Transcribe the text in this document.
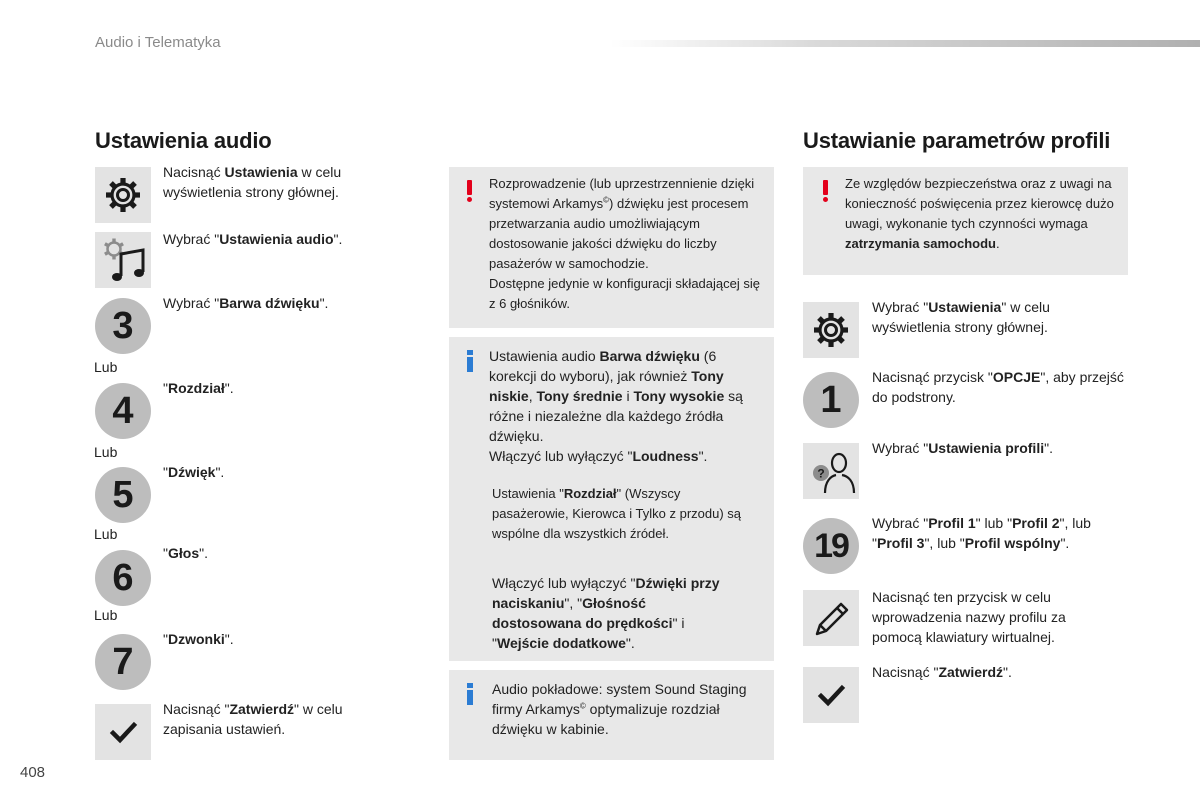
Audio i Telematyka
408
Ustawienia audio
Nacisnąć Ustawienia w celu wyświetlenia strony głównej.
Wybrać "Ustawienia audio".
3
Wybrać "Barwa dźwięku".
Lub
4
"Rozdział".
Lub
5
"Dźwięk".
Lub
6
"Głos".
Lub
7
"Dzwonki".
Nacisnąć "Zatwierdź" w celu zapisania ustawień.
Rozprowadzenie (lub uprzestrzennienie dzięki systemowi Arkamys©) dźwięku jest procesem przetwarzania audio umożliwiającym dostosowanie jakości dźwięku do liczby pasażerów w samochodzie.
Dostępne jedynie w konfiguracji składającej się z 6 głośników.
Ustawienia audio Barwa dźwięku (6 korekcji do wyboru), jak również Tony niskie, Tony średnie i Tony wysokie są różne i niezależne dla każdego źródła dźwięku.
Włączyć lub wyłączyć "Loudness".
Ustawienia "Rozdział" (Wszyscy pasażerowie, Kierowca i Tylko z przodu) są wspólne dla wszystkich źródeł.
Włączyć lub wyłączyć "Dźwięki przy naciskaniu", "Głośność dostosowana do prędkości" i "Wejście dodatkowe".
Audio pokładowe: system Sound Staging firmy Arkamys© optymalizuje rozdział dźwięku w kabinie.
Ustawianie parametrów profili
Ze względów bezpieczeństwa oraz z uwagi na konieczność poświęcenia przez kierowcę dużo uwagi, wykonanie tych czynności wymaga zatrzymania samochodu.
Wybrać "Ustawienia" w celu wyświetlenia strony głównej.
1
Nacisnąć przycisk "OPCJE", aby przejść do podstrony.
?
Wybrać "Ustawienia profili".
19
Wybrać "Profil 1" lub "Profil 2", lub "Profil 3", lub "Profil wspólny".
Nacisnąć ten przycisk w celu wprowadzenia nazwy profilu za pomocą klawiatury wirtualnej.
Nacisnąć "Zatwierdź".
